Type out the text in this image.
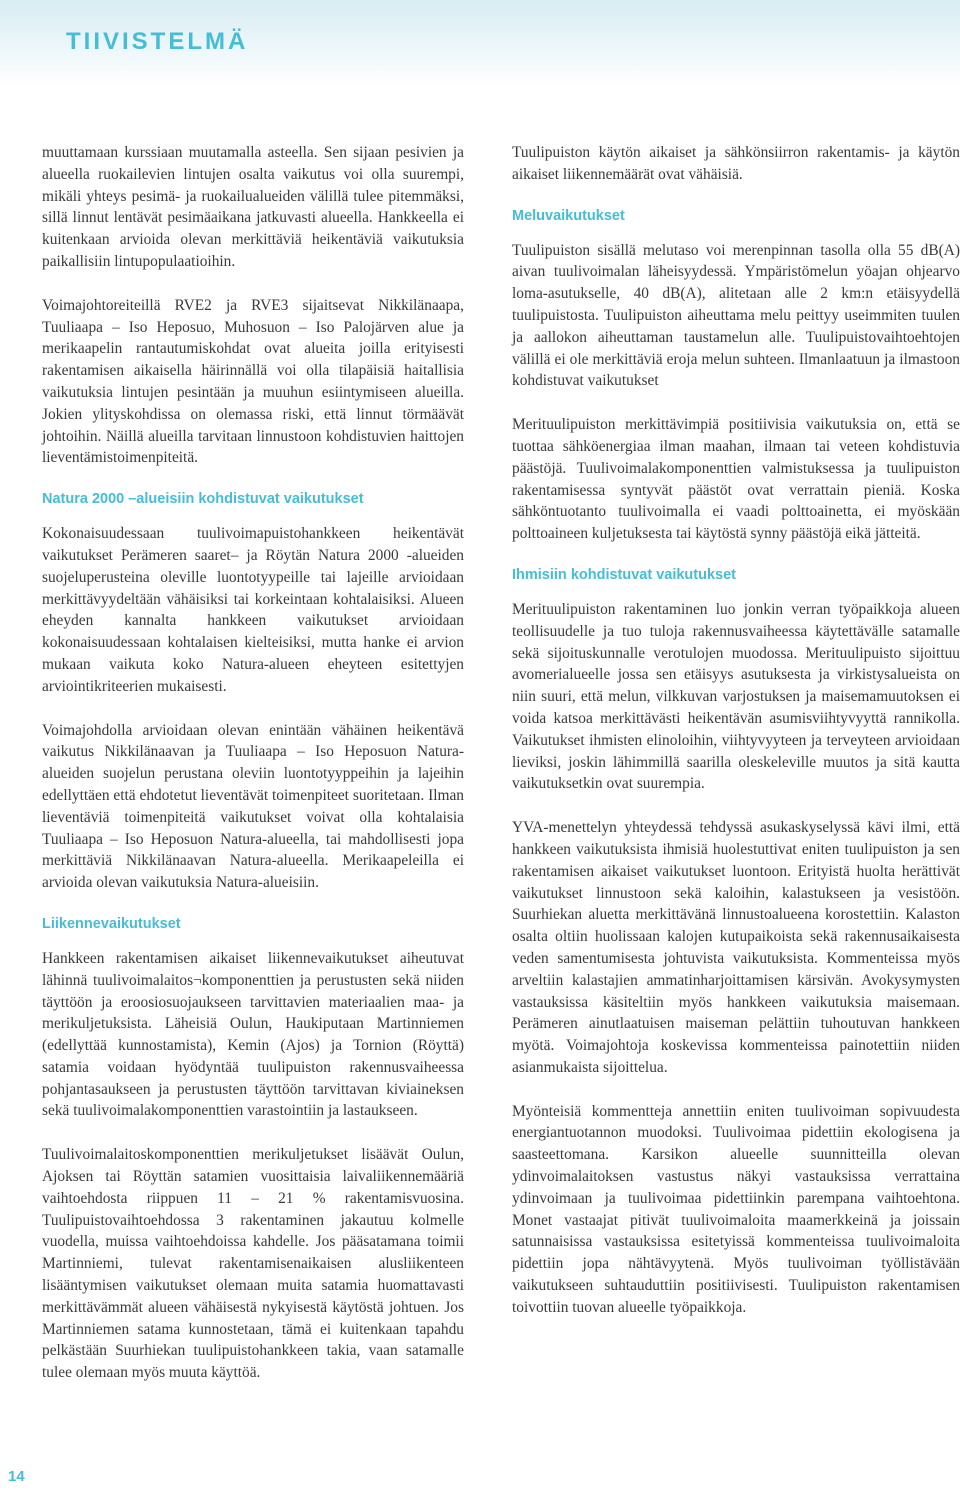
TIIVISTELMÄ

muuttamaan kurssiaan muutamalla asteella. Sen sijaan pesivien ja alueella ruokailevien lintujen osalta vaikutus voi olla suurempi, mikäli yhteys pesimä- ja ruokailualueiden välillä tulee pitemmäksi, sillä linnut lentävät pesimäaikana jatkuvasti alueella. Hankkeella ei kuitenkaan arvioida olevan merkittäviä heikentäviä vaikutuksia paikallisiin lintupopulaatioihin.

Voimajohtoreiteillä RVE2 ja RVE3 sijaitsevat Nikkilänaapa, Tuuliaapa – Iso Heposuo, Muhosuon – Iso Palojärven alue ja merikaapelin rantautumiskohdat ovat alueita joilla erityisesti rakentamisen aikaisella häirinnällä voi olla tilapäisiä haitallisia vaikutuksia lintujen pesintään ja muuhun esiintymiseen alueilla. Jokien ylityskohdissa on olemassa riski, että linnut törmäävät johtoihin. Näillä alueilla tarvitaan linnustoon kohdistuvien haittojen lieventämistoimenpiteitä.

Natura 2000 –alueisiin kohdistuvat vaikutukset

Kokonaisuudessaan tuulivoimapuistohankkeen heikentävät vaikutukset Perämeren saaret– ja Röytän Natura 2000 -alueiden suojeluperusteina oleville luontotyypeille tai lajeille arvioidaan merkittävyydeltään vähäisiksi tai korkeintaan kohtalaisiksi. Alueen eheyden kannalta hankkeen vaikutukset arvioidaan kokonaisuudessaan kohtalaisen kielteisiksi, mutta hanke ei arvion mukaan vaikuta koko Natura-alueen eheyteen esitettyjen arviointikriteerien mukaisesti.

Voimajohdolla arvioidaan olevan enintään vähäinen heikentävä vaikutus Nikkilänaavan ja Tuuliaapa – Iso Heposuon Natura-alueiden suojelun perustana oleviin luontotyyppeihin ja lajeihin edellyttäen että ehdotetut lieventävät toimenpiteet suoritetaan. Ilman lieventäviä toimenpiteitä vaikutukset voivat olla kohtalaisia Tuuliaapa – Iso Heposuon Natura-alueella, tai mahdollisesti jopa merkittäviä Nikkilänaavan Natura-alueella. Merikaapeleilla ei arvioida olevan vaikutuksia Natura-alueisiin.

Liikennevaikutukset

Hankkeen rakentamisen aikaiset liikennevaikutukset aiheutuvat lähinnä tuulivoimalaitos¬komponenttien ja perustusten sekä niiden täyttöön ja eroosiosuojaukseen tarvittavien materiaalien maa- ja merikuljetuksista. Läheisiä Oulun, Haukiputaan Martinniemen (edellyttää kunnostamista), Kemin (Ajos) ja Tornion (Röyttä) satamia voidaan hyödyntää tuulipuiston rakennusvaiheessa pohjantasaukseen ja perustusten täyttöön tarvittavan kiviaineksen sekä tuulivoimalakomponenttien varastointiin ja lastaukseen.

Tuulivoimalaitoskomponenttien merikuljetukset lisäävät Oulun, Ajoksen tai Röyttän satamien vuosittaisia laivaliikennemääriä vaihtoehdosta riippuen 11 – 21 % rakentamisvuosina. Tuulipuistovaihtoehdossa 3 rakentaminen jakautuu kolmelle vuodella, muissa vaihtoehdoissa kahdelle. Jos pääsatamana toimii Martinniemi, tulevat rakentamisenaikaisen alusliikenteen lisääntymisen vaikutukset olemaan muita satamia huomattavasti merkittävämmät alueen vähäisestä nykyisestä käytöstä johtuen. Jos Martinniemen satama kunnostetaan, tämä ei kuitenkaan tapahdu pelkästään Suurhiekan tuulipuistohankkeen takia, vaan satamalle tulee olemaan myös muuta käyttöä.

Tuulipuiston käytön aikaiset ja sähkönsiirron rakentamis- ja käytön aikaiset liikennemäärät ovat vähäisiä.

Meluvaikutukset

Tuulipuiston sisällä melutaso voi merenpinnan tasolla olla 55 dB(A) aivan tuulivoimalan läheisyydessä. Ympäristömelun yöajan ohjearvo loma-asutukselle, 40 dB(A), alitetaan alle 2 km:n etäisyydellä tuulipuistosta. Tuulipuiston aiheuttama melu peittyy useimmiten tuulen ja aallokon aiheuttaman taustamelun alle. Tuulipuistovaihtoehtojen välillä ei ole merkittäviä eroja melun suhteen. Ilmanlaatuun ja ilmastoon kohdistuvat vaikutukset

Merituulipuiston merkittävimpiä positiivisia vaikutuksia on, että se tuottaa sähköenergiaa ilman maahan, ilmaan tai veteen kohdistuvia päästöjä. Tuulivoimalakomponenttien valmistuksessa ja tuulipuiston rakentamisessa syntyvät päästöt ovat verrattain pieniä. Koska sähköntuotanto tuulivoimalla ei vaadi polttoainetta, ei myöskään polttoaineen kuljetuksesta tai käytöstä synny päästöjä eikä jätteitä.

Ihmisiin kohdistuvat vaikutukset

Merituulipuiston rakentaminen luo jonkin verran työpaikkoja alueen teollisuudelle ja tuo tuloja rakennusvaiheessa käytettävälle satamalle sekä sijoituskunnalle verotulojen muodossa. Merituulipuisto sijoittuu avomerialueelle jossa sen etäisyys asutuksesta ja virkistysalueista on niin suuri, että melun, vilkkuvan varjostuksen ja maisemamuutoksen ei voida katsoa merkittävästi heikentävän asumisviihtyvyyttä rannikolla. Vaikutukset ihmisten elinoloihin, viihtyvyyteen ja terveyteen arvioidaan lieviksi, joskin lähimmillä saarilla oleskeleville muutos ja sitä kautta vaikutuksetkin ovat suurempia.

YVA-menettelyn yhteydessä tehdyssä asukaskyselyssä kävi ilmi, että hankkeen vaikutuksista ihmisiä huolestuttivat eniten tuulipuiston ja sen rakentamisen aikaiset vaikutukset luontoon. Erityistä huolta herättivät vaikutukset linnustoon sekä kaloihin, kalastukseen ja vesistöön. Suurhiekan aluetta merkittävänä linnustoalueena korostettiin. Kalaston osalta oltiin huolissaan kalojen kutupaikoista sekä rakennusaikaisesta veden samentumisesta johtuvista vaikutuksista. Kommenteissa myös arveltiin kalastajien ammatinharjoittamisen kärsivän. Avokysymysten vastauksissa käsiteltiin myös hankkeen vaikutuksia maisemaan. Perämeren ainutlaatuisen maiseman pelättiin tuhoutuvan hankkeen myötä. Voimajohtoja koskevissa kommenteissa painotettiin niiden asianmukaista sijoittelua.

Myönteisiä kommentteja annettiin eniten tuulivoiman sopivuudesta energiantuotannon muodoksi. Tuulivoimaa pidettiin ekologisena ja saasteettomana. Karsikon alueelle suunnitteilla olevan ydinvoimalaitoksen vastustus näkyi vastauksissa verrattaina ydinvoimaan ja tuulivoimaa pidettiinkin parempana vaihtoehtona. Monet vastaajat pitivät tuulivoimaloita maamerkkeinä ja joissain satunnaisissa vastauksissa esitetyissä kommenteissa tuulivoimaloita pidettiin jopa nähtävyytenä. Myös tuulivoiman työllistävään vaikutukseen suhtauduttiin positiivisesti. Tuulipuiston rakentamisen toivottiin tuovan alueelle työpaikkoja.

14
